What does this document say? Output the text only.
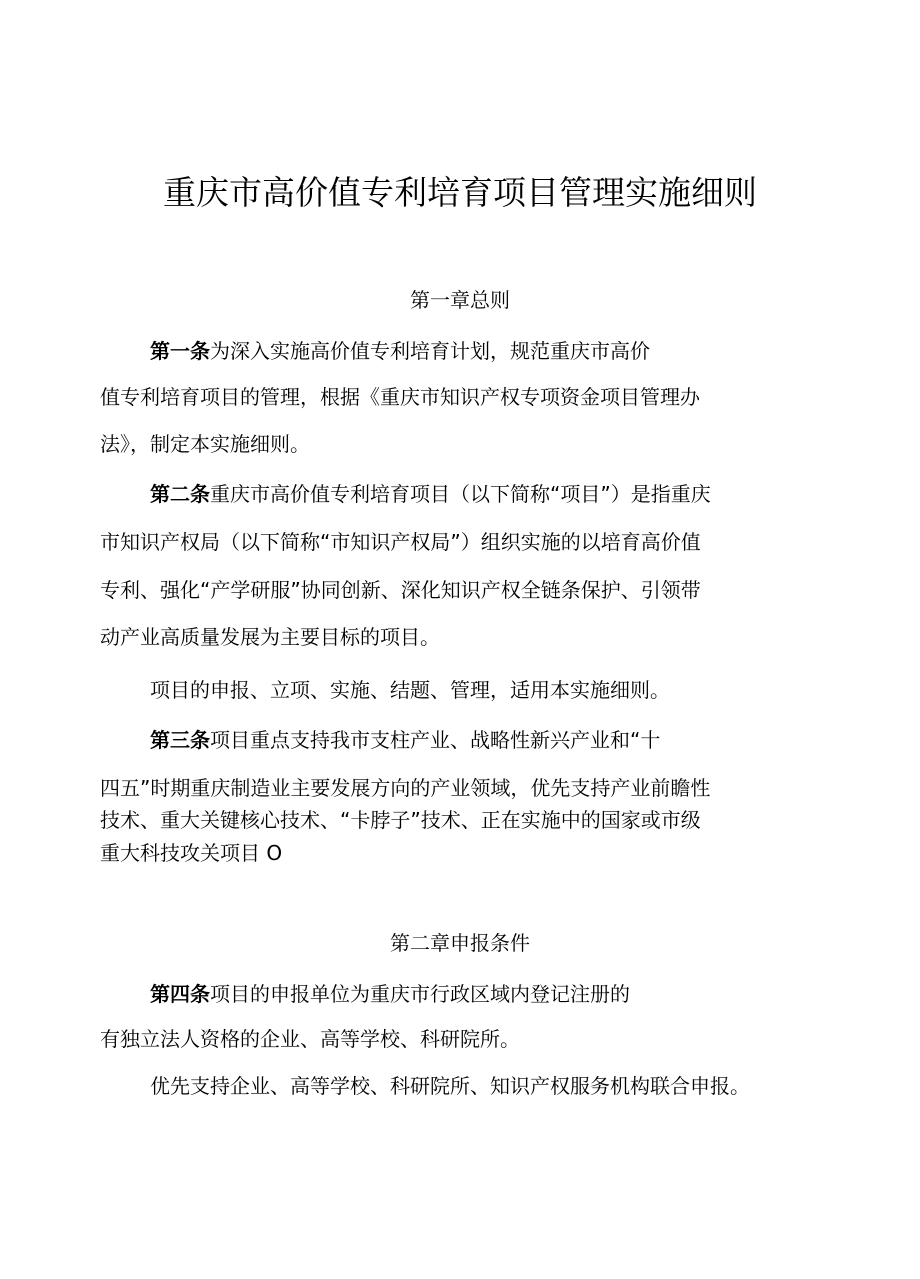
重庆市高价值专利培育项目管理实施细则
第一章总则
第一条为深入实施高价值专利培育计划，规范重庆市高价
值专利培育项目的管理，根据《重庆市知识产权专项资金项目管理办
法》，制定本实施细则。
第二条重庆市高价值专利培育项目（以下简称“项目”）是指重庆
市知识产权局（以下简称“市知识产权局”）组织实施的以培育高价值
专利、强化“产学研服”协同创新、深化知识产权全链条保护、引领带
动产业高质量发展为主要目标的项目。
项目的申报、立项、实施、结题、管理，适用本实施细则。
第三条项目重点支持我市支柱产业、战略性新兴产业和“十
四五”时期重庆制造业主要发展方向的产业领域，优先支持产业前瞻性
技术、重大关键核心技术、“卡脖子”技术、正在实施中的国家或市级
重大科技攻关项目 O
第二章申报条件
第四条项目的申报单位为重庆市行政区域内登记注册的
有独立法人资格的企业、高等学校、科研院所。
优先支持企业、高等学校、科研院所、知识产权服务机构联合申报。
